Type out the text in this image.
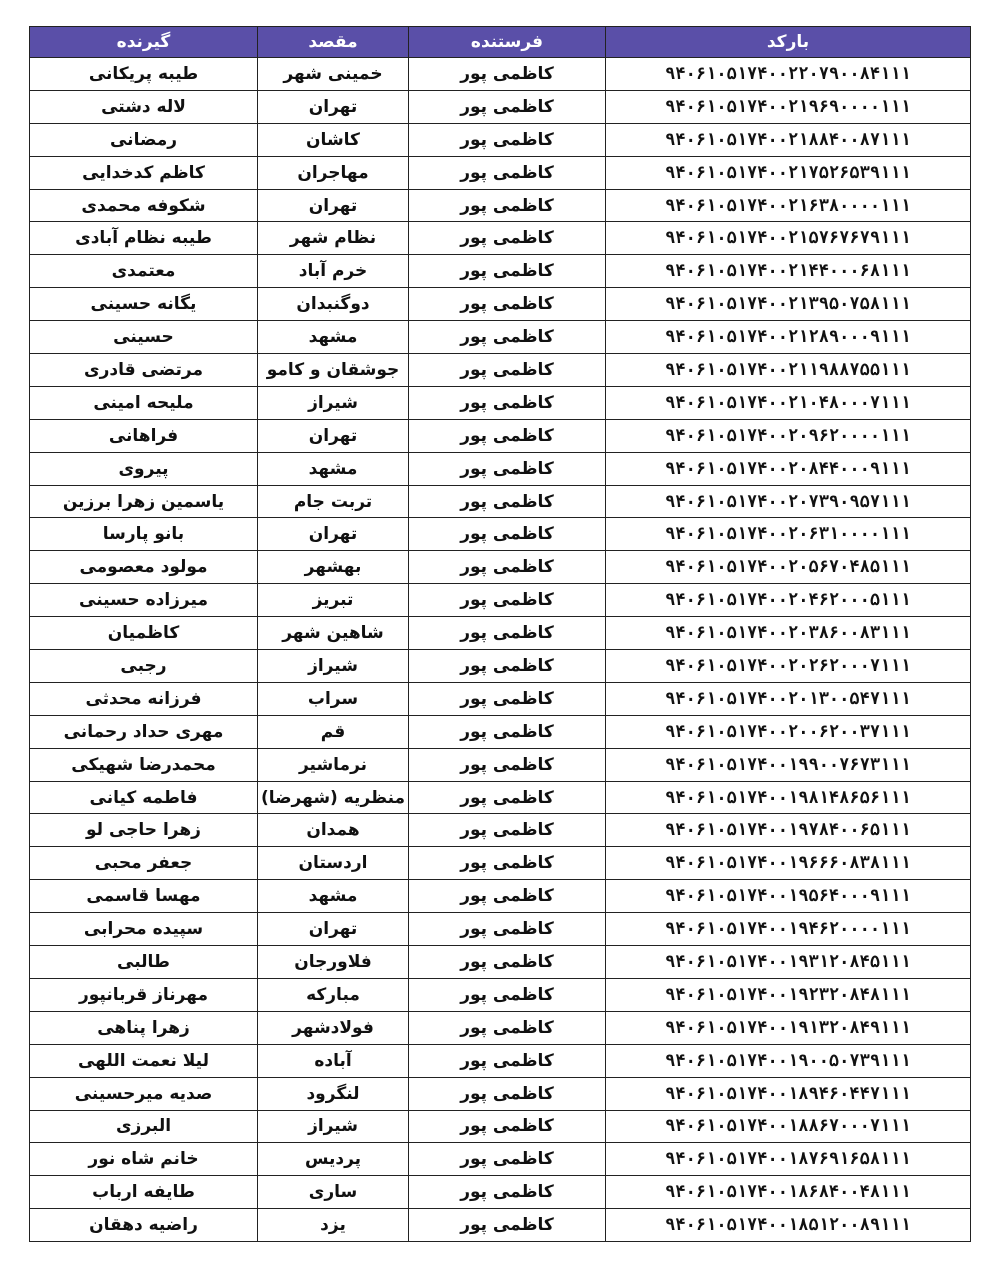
بارکد	فرستنده	مقصد	گیرنده
۹۴۰۶۱۰۵۱۷۴۰۰۲۲۰۷۹۰۰۸۴۱۱۱	کاظمی پور	خمینی شهر	طیبه پریکانی
۹۴۰۶۱۰۵۱۷۴۰۰۲۱۹۶۹۰۰۰۰۱۱۱	کاظمی پور	تهران	لاله دشتی
۹۴۰۶۱۰۵۱۷۴۰۰۲۱۸۸۴۰۰۸۷۱۱۱	کاظمی پور	کاشان	رمضانی
۹۴۰۶۱۰۵۱۷۴۰۰۲۱۷۵۲۶۵۳۹۱۱۱	کاظمی پور	مهاجران	کاظم کدخدایی
۹۴۰۶۱۰۵۱۷۴۰۰۲۱۶۳۸۰۰۰۰۱۱۱	کاظمی پور	تهران	شکوفه محمدی
۹۴۰۶۱۰۵۱۷۴۰۰۲۱۵۷۶۷۶۷۹۱۱۱	کاظمی پور	نظام شهر	طیبه نظام آبادی
۹۴۰۶۱۰۵۱۷۴۰۰۲۱۴۴۰۰۰۶۸۱۱۱	کاظمی پور	خرم آباد	معتمدی
۹۴۰۶۱۰۵۱۷۴۰۰۲۱۳۹۵۰۷۵۸۱۱۱	کاظمی پور	دوگنبدان	یگانه حسینی
۹۴۰۶۱۰۵۱۷۴۰۰۲۱۲۸۹۰۰۰۹۱۱۱	کاظمی پور	مشهد	حسینی
۹۴۰۶۱۰۵۱۷۴۰۰۲۱۱۹۸۸۷۵۵۱۱۱	کاظمی پور	جوشقان و کامو	مرتضی قادری
۹۴۰۶۱۰۵۱۷۴۰۰۲۱۰۴۸۰۰۰۷۱۱۱	کاظمی پور	شیراز	ملیحه امینی
۹۴۰۶۱۰۵۱۷۴۰۰۲۰۹۶۲۰۰۰۰۱۱۱	کاظمی پور	تهران	فراهانی
۹۴۰۶۱۰۵۱۷۴۰۰۲۰۸۴۴۰۰۰۹۱۱۱	کاظمی پور	مشهد	پیروی
۹۴۰۶۱۰۵۱۷۴۰۰۲۰۷۳۹۰۹۵۷۱۱۱	کاظمی پور	تربت جام	یاسمین زهرا برزین
۹۴۰۶۱۰۵۱۷۴۰۰۲۰۶۳۱۰۰۰۰۱۱۱	کاظمی پور	تهران	بانو پارسا
۹۴۰۶۱۰۵۱۷۴۰۰۲۰۵۶۷۰۴۸۵۱۱۱	کاظمی پور	بهشهر	مولود معصومی
۹۴۰۶۱۰۵۱۷۴۰۰۲۰۴۶۲۰۰۰۵۱۱۱	کاظمی پور	تبریز	میرزاده حسینی
۹۴۰۶۱۰۵۱۷۴۰۰۲۰۳۸۶۰۰۸۳۱۱۱	کاظمی پور	شاهین شهر	کاظمیان
۹۴۰۶۱۰۵۱۷۴۰۰۲۰۲۶۲۰۰۰۷۱۱۱	کاظمی پور	شیراز	رجبی
۹۴۰۶۱۰۵۱۷۴۰۰۲۰۱۳۰۰۵۴۷۱۱۱	کاظمی پور	سراب	فرزانه محدثی
۹۴۰۶۱۰۵۱۷۴۰۰۲۰۰۶۲۰۰۳۷۱۱۱	کاظمی پور	قم	مهری حداد رحمانی
۹۴۰۶۱۰۵۱۷۴۰۰۱۹۹۰۰۷۶۷۳۱۱۱	کاظمی پور	نرماشیر	محمدرضا شهیکی
۹۴۰۶۱۰۵۱۷۴۰۰۱۹۸۱۴۸۶۵۶۱۱۱	کاظمی پور	منظریه (شهرضا)	فاطمه کیانی
۹۴۰۶۱۰۵۱۷۴۰۰۱۹۷۸۴۰۰۶۵۱۱۱	کاظمی پور	همدان	زهرا حاجی لو
۹۴۰۶۱۰۵۱۷۴۰۰۱۹۶۶۶۰۸۳۸۱۱۱	کاظمی پور	اردستان	جعفر محبی
۹۴۰۶۱۰۵۱۷۴۰۰۱۹۵۶۴۰۰۰۹۱۱۱	کاظمی پور	مشهد	مهسا قاسمی
۹۴۰۶۱۰۵۱۷۴۰۰۱۹۴۶۲۰۰۰۰۱۱۱	کاظمی پور	تهران	سپیده محرابی
۹۴۰۶۱۰۵۱۷۴۰۰۱۹۳۱۲۰۸۴۵۱۱۱	کاظمی پور	فلاورجان	طالبی
۹۴۰۶۱۰۵۱۷۴۰۰۱۹۲۳۲۰۸۴۸۱۱۱	کاظمی پور	مبارکه	مهرناز قربانپور
۹۴۰۶۱۰۵۱۷۴۰۰۱۹۱۳۲۰۸۴۹۱۱۱	کاظمی پور	فولادشهر	زهرا پناهی
۹۴۰۶۱۰۵۱۷۴۰۰۱۹۰۰۵۰۷۳۹۱۱۱	کاظمی پور	آباده	لیلا نعمت اللهی
۹۴۰۶۱۰۵۱۷۴۰۰۱۸۹۴۶۰۴۴۷۱۱۱	کاظمی پور	لنگرود	صدیه میرحسینی
۹۴۰۶۱۰۵۱۷۴۰۰۱۸۸۶۷۰۰۰۷۱۱۱	کاظمی پور	شیراز	البرزی
۹۴۰۶۱۰۵۱۷۴۰۰۱۸۷۶۹۱۶۵۸۱۱۱	کاظمی پور	پردیس	خانم شاه نور
۹۴۰۶۱۰۵۱۷۴۰۰۱۸۶۸۴۰۰۴۸۱۱۱	کاظمی پور	ساری	طایفه ارباب
۹۴۰۶۱۰۵۱۷۴۰۰۱۸۵۱۲۰۰۸۹۱۱۱	کاظمی پور	یزد	راضیه دهقان
